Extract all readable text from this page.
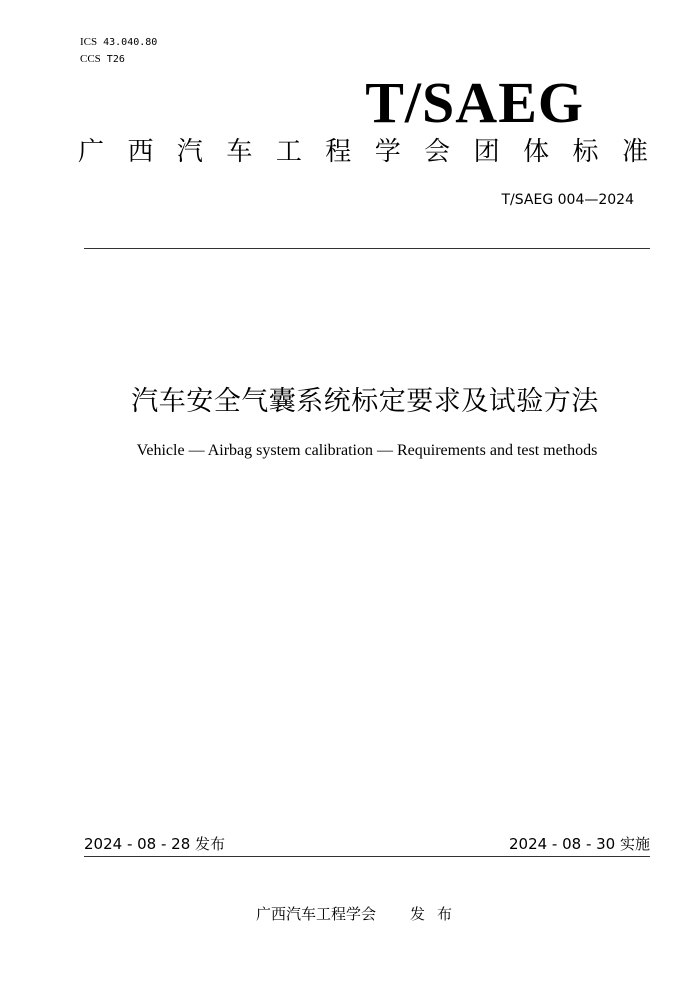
ICS 43.040.80
CCS T26
T/SAEG
广 西 汽 车 工 程 学 会 团 体 标 准
T/SAEG 004—2024
汽车安全气囊系统标定要求及试验方法
Vehicle — Airbag system calibration — Requirements and test methods
2024 - 08 - 28 发布	2024 - 08 - 30 实施
广西汽车工程学会 发布
